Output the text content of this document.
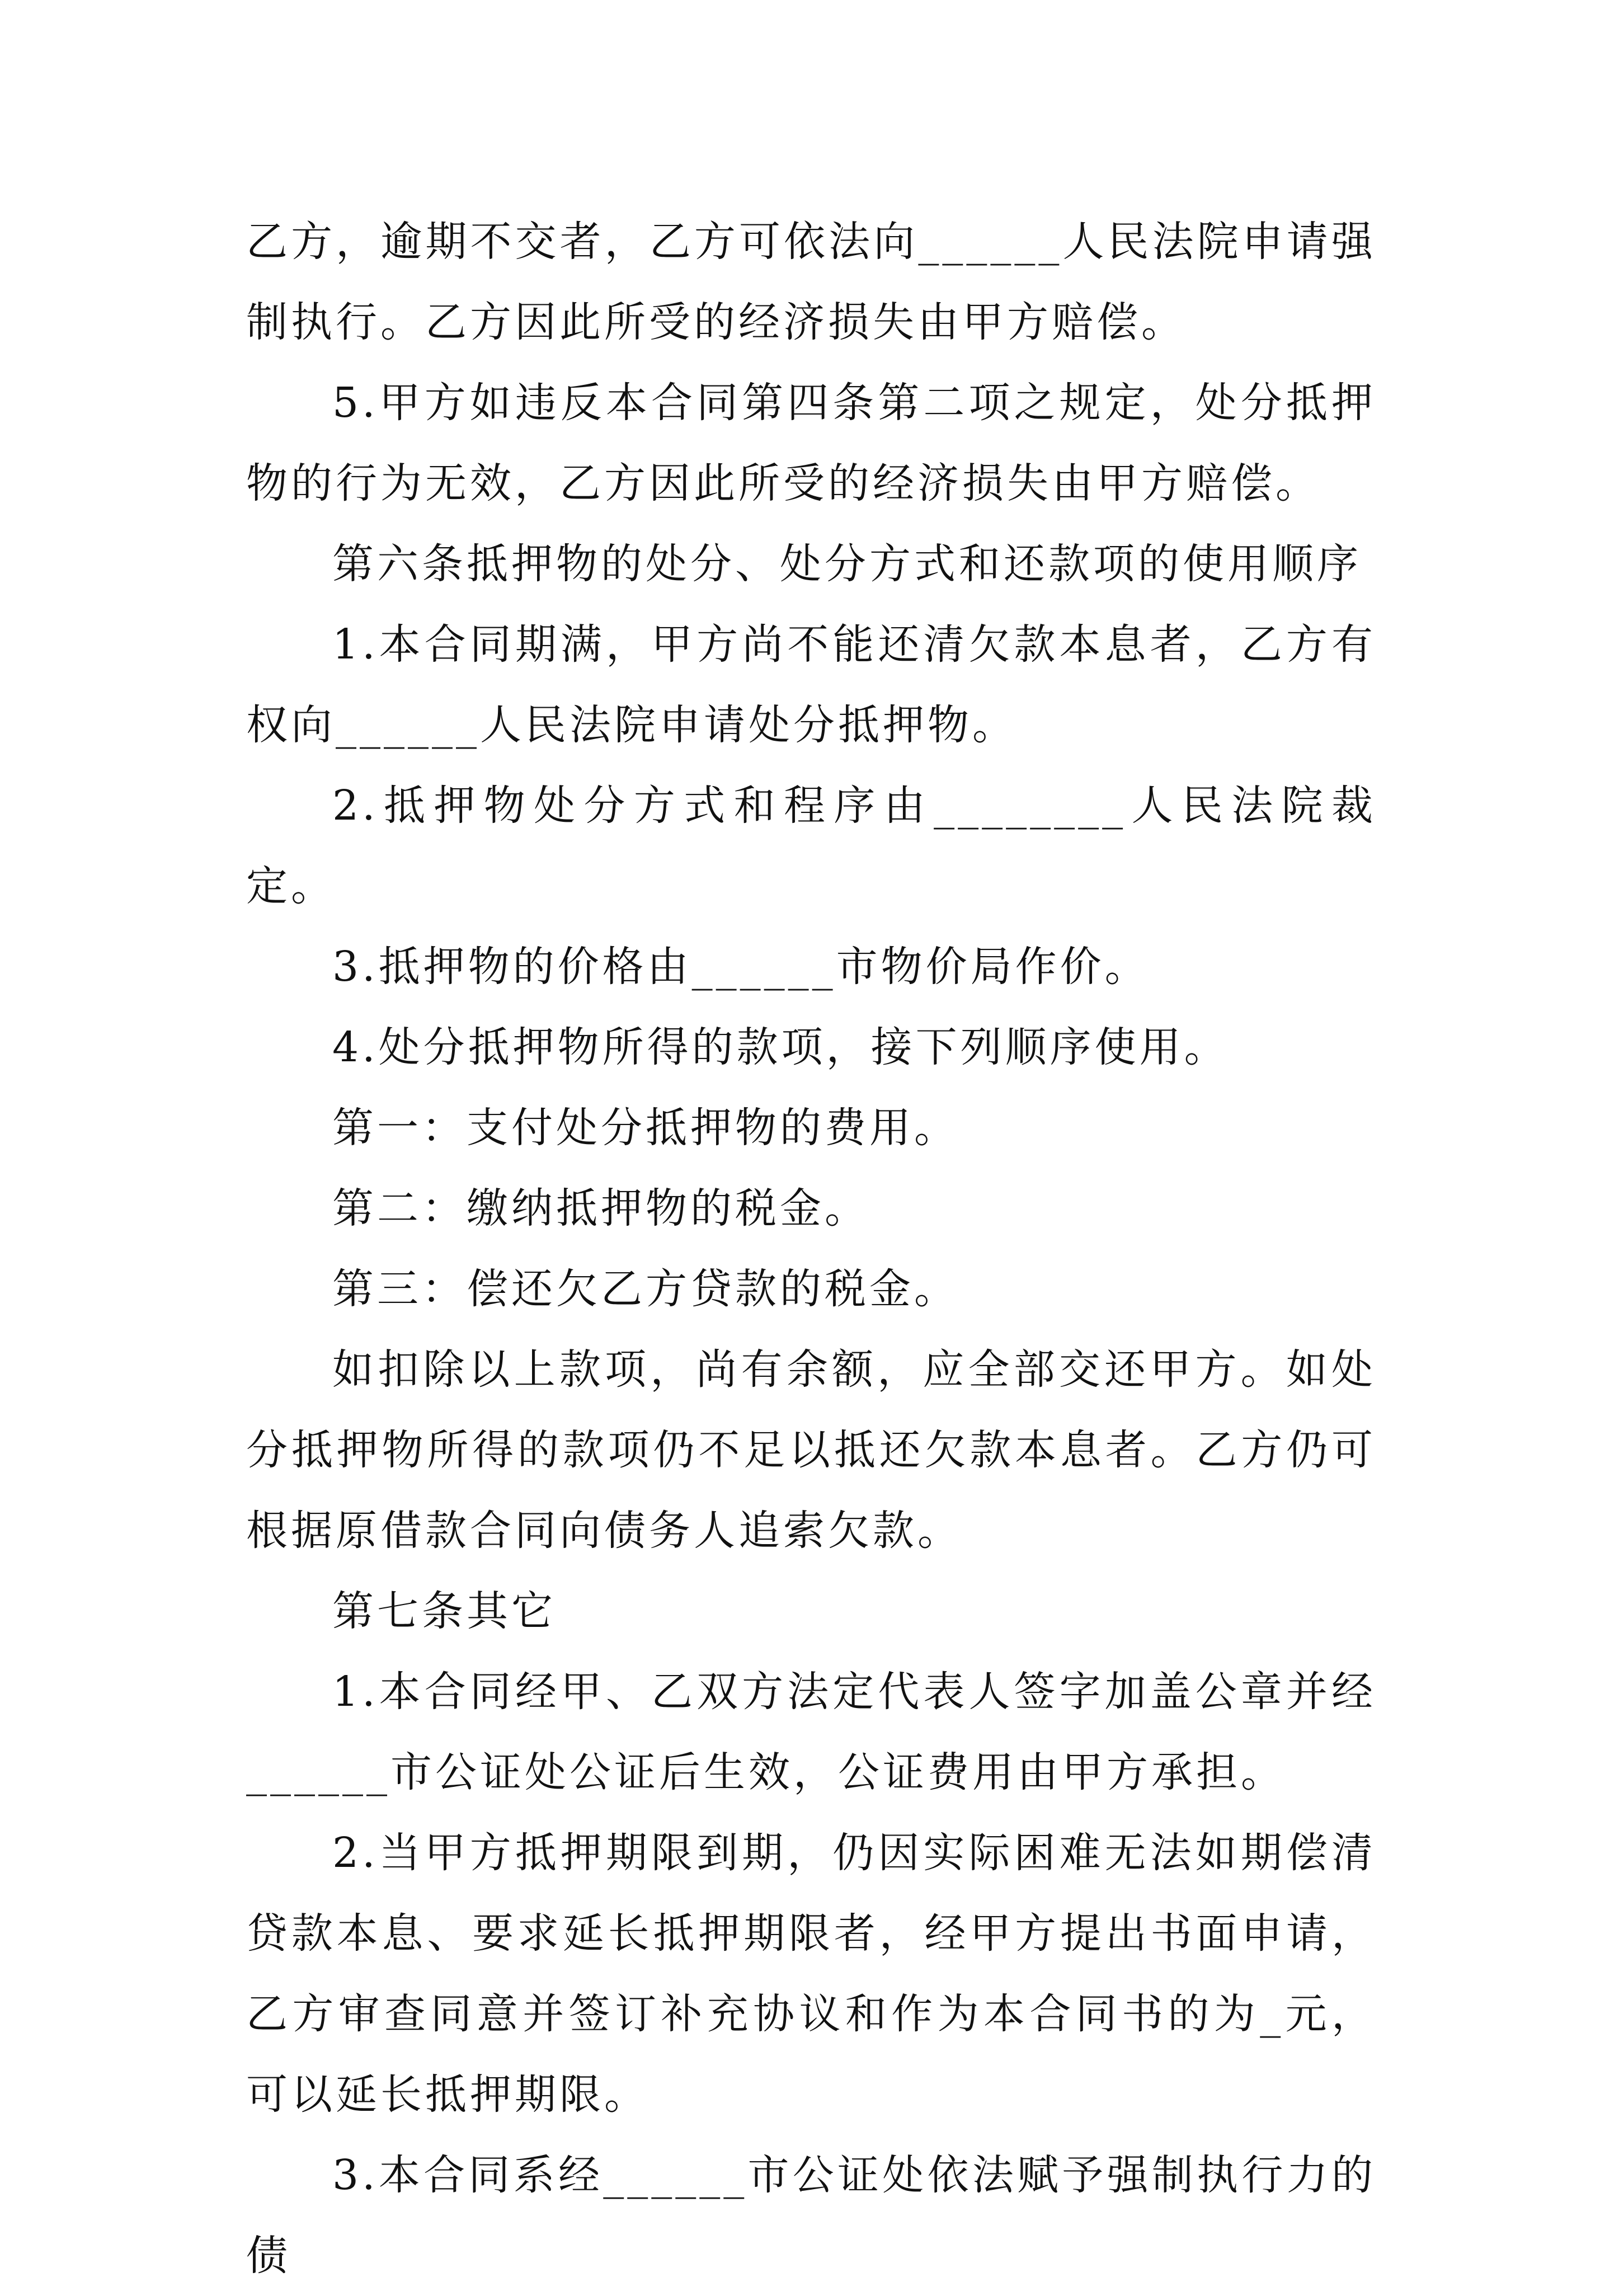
乙方，逾期不交者，乙方可依法向______人民法院申请强制执行。乙方因此所受的经济损失由甲方赔偿。

5.甲方如违反本合同第四条第二项之规定，处分抵押物的行为无效，乙方因此所受的经济损失由甲方赔偿。

第六条抵押物的处分、处分方式和还款项的使用顺序

1.本合同期满，甲方尚不能还清欠款本息者，乙方有权向______人民法院申请处分抵押物。

2.抵押物处分方式和程序由________人民法院裁定。

3.抵押物的价格由______市物价局作价。

4.处分抵押物所得的款项，接下列顺序使用。

第一：支付处分抵押物的费用。

第二：缴纳抵押物的税金。

第三：偿还欠乙方贷款的税金。

如扣除以上款项，尚有余额，应全部交还甲方。如处分抵押物所得的款项仍不足以抵还欠款本息者。乙方仍可根据原借款合同向债务人追索欠款。

第七条其它

1.本合同经甲、乙双方法定代表人签字加盖公章并经______市公证处公证后生效，公证费用由甲方承担。

2.当甲方抵押期限到期，仍因实际困难无法如期偿清贷款本息、要求延长抵押期限者，经甲方提出书面申请，乙方审查同意并签订补充协议和作为本合同书的为_元，可以延长抵押期限。

3.本合同系经______市公证处依法赋予强制执行力的债
